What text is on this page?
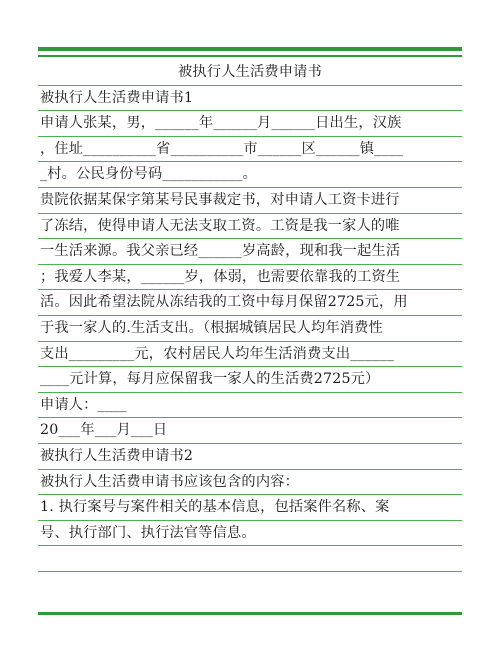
被执行人生活费申请书
被执行人生活费申请书1
申请人张某，男，______年______月______日出生，汉族
，住址__________省__________市______区______镇____
_村。公民身份号码___________。
贵院依据某保字第某号民事裁定书，对申请人工资卡进行
了冻结，使得申请人无法支取工资。工资是我一家人的唯
一生活来源。我父亲已经______岁高龄，现和我一起生活
；我爱人李某，______岁，体弱，也需要依靠我的工资生
活。因此希望法院从冻结我的工资中每月保留2725元，用
于我一家人的.生活支出。（根据城镇居民人均年消费性
支出_________元，农村居民人均年生活消费支出______
____元计算，每月应保留我一家人的生活费2725元）
申请人：____
20___年___月___日
被执行人生活费申请书2
被执行人生活费申请书应该包含的内容：
1. 执行案号与案件相关的基本信息，包括案件名称、案
号、执行部门、执行法官等信息。
